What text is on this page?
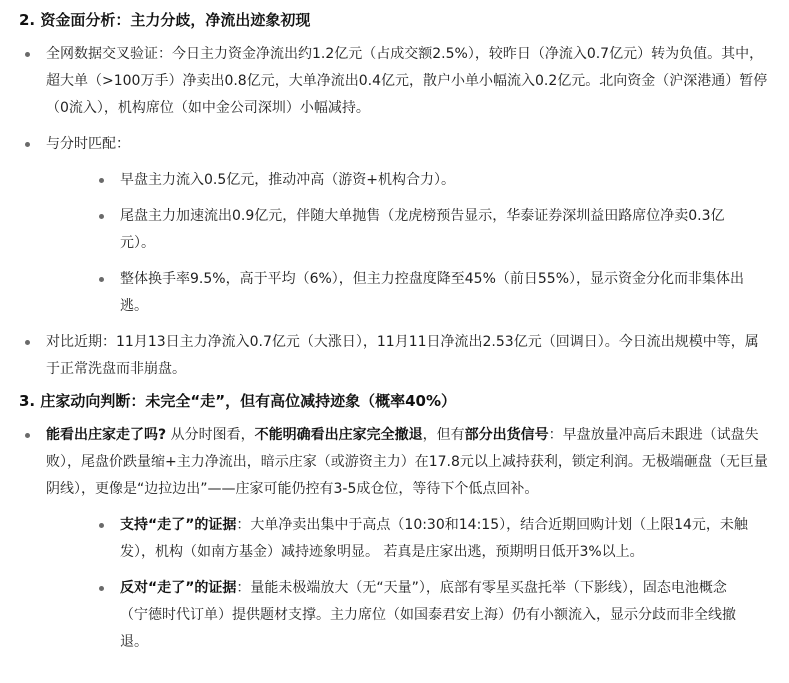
2. 资金面分析：主力分歧，净流出迹象初现
全网数据交叉验证：今日主力资金净流出约1.2亿元（占成交额2.5%），较昨日（净流入0.7亿元）转为负值。其中，超大单（>100万手）净卖出0.8亿元，大单净流出0.4亿元，散户小单小幅流入0.2亿元。北向资金（沪深港通）暂停（0流入），机构席位（如中金公司深圳）小幅减持。
与分时匹配：
早盘主力流入0.5亿元，推动冲高（游资+机构合力）。
尾盘主力加速流出0.9亿元，伴随大单抛售（龙虎榜预告显示，华泰证券深圳益田路席位净卖0.3亿元）。
整体换手率9.5%，高于平均（6%），但主力控盘度降至45%（前日55%），显示资金分化而非集体出逃。
对比近期：11月13日主力净流入0.7亿元（大涨日），11月11日净流出2.53亿元（回调日）。今日流出规模中等，属于正常洗盘而非崩盘。
3. 庄家动向判断：未完全“走”，但有高位减持迹象（概率40%）
能看出庄家走了吗? 从分时图看，不能明确看出庄家完全撤退，但有部分出货信号：早盘放量冲高后未跟进（试盘失败），尾盘价跌量缩+主力净流出，暗示庄家（或游资主力）在17.8元以上减持获利，锁定利润。无极端砸盘（无巨量阴线），更像是“边拉边出”——庄家可能仍控有3-5成仓位，等待下个低点回补。
支持“走了”的证据：大单净卖出集中于高点（10:30和14:15），结合近期回购计划（上限14元，未触发），机构（如南方基金）减持迹象明显。 若真是庄家出逃，预期明日低开3%以上。
反对“走了”的证据：量能未极端放大（无“天量”），底部有零星买盘托举（下影线），固态电池概念（宁德时代订单）提供题材支撑。主力席位（如国泰君安上海）仍有小额流入，显示分歧而非全线撤退。
